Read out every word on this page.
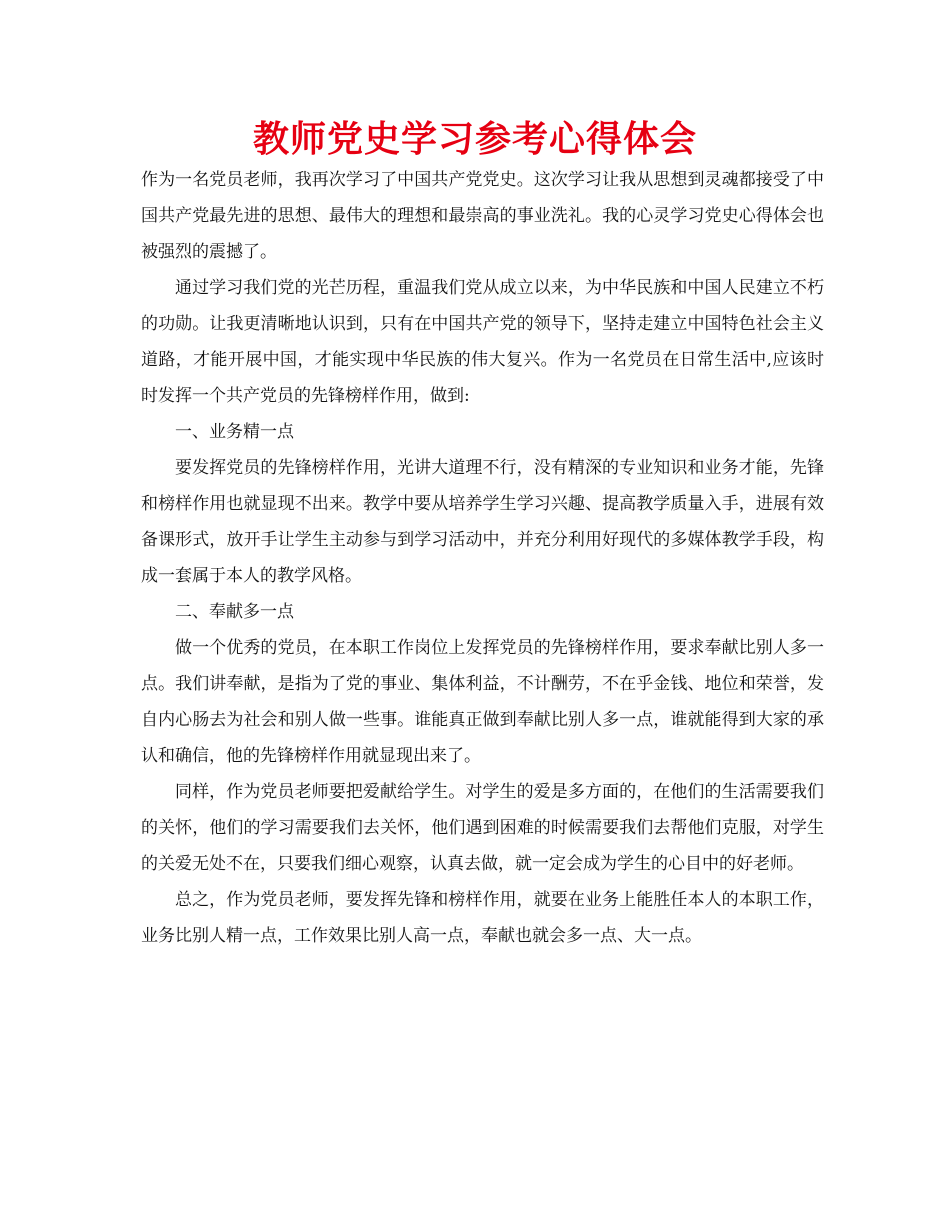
教师党史学习参考心得体会

作为一名党员老师，我再次学习了中国共产党党史。这次学习让我从思想到灵魂都接受了中国共产党最先进的思想、最伟大的理想和最崇高的事业洗礼。我的心灵学习党史心得体会也被强烈的震撼了。

通过学习我们党的光芒历程，重温我们党从成立以来，为中华民族和中国人民建立不朽的功勋。让我更清晰地认识到，只有在中国共产党的领导下，坚持走建立中国特色社会主义道路，才能开展中国，才能实现中华民族的伟大复兴。作为一名党员在日常生活中,应该时时发挥一个共产党员的先锋榜样作用，做到:

一、业务精一点

要发挥党员的先锋榜样作用，光讲大道理不行，没有精深的专业知识和业务才能，先锋和榜样作用也就显现不出来。教学中要从培养学生学习兴趣、提高教学质量入手，进展有效备课形式，放开手让学生主动参与到学习活动中，并充分利用好现代的多媒体教学手段，构成一套属于本人的教学风格。

二、奉献多一点

做一个优秀的党员，在本职工作岗位上发挥党员的先锋榜样作用，要求奉献比别人多一点。我们讲奉献，是指为了党的事业、集体利益，不计酬劳，不在乎金钱、地位和荣誉，发自内心肠去为社会和别人做一些事。谁能真正做到奉献比别人多一点，谁就能得到大家的承认和确信，他的先锋榜样作用就显现出来了。

同样，作为党员老师要把爱献给学生。对学生的爱是多方面的，在他们的生活需要我们的关怀，他们的学习需要我们去关怀，他们遇到困难的时候需要我们去帮他们克服，对学生的关爱无处不在，只要我们细心观察，认真去做，就一定会成为学生的心目中的好老师。

总之，作为党员老师，要发挥先锋和榜样作用，就要在业务上能胜任本人的本职工作，业务比别人精一点，工作效果比别人高一点，奉献也就会多一点、大一点。
